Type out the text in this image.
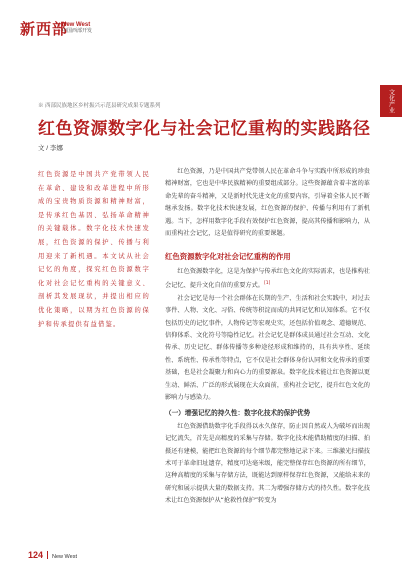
新西部
New West
中国西部开发
文化产业
※ 西部民族地区乡村振兴示范县研究成果专题系列
红色资源数字化与社会记忆重构的实践路径
文 / 李娜
红色资源是中国共产党带领人民在革命、建设和改革进程中所形成的宝贵物质资源和精神财富，是传承红色基因、弘扬革命精神的关键载体。数字化技术快速发展，红色资源的保护、传播与利用迎来了新机遇。本文试从社会记忆的角度，探究红色资源数字化对社会记忆重构的关键意义、剖析其发展现状，并提出相应的优化策略，以期为红色资源的保护和传承提供有益借鉴。

红色资源，乃是中国共产党带领人民在革命斗争与实践中所形成的珍贵精神财富，它也是中华民族精神的重要组成部分。这些资源蕴含着丰富的革命先辈的奋斗精神，又是新时代先进文化的重要内容，引导着全体人民不断继承发扬。数字化技术快速发展，红色资源的保护、传播与利用有了新机遇。当下，怎样用数字化手段有效保护红色资源，提高其传播和影响力，从而重构社会记忆，这是值得研究的重要课题。

红色资源数字化对社会记忆重构的作用

红色资源数字化，这是为保护与传承红色文化的实际需求，也是推构社会记忆、提升文化自信的重要方式。[1]

社会记忆是每一个社会群体在长期的生产、生活和社会实践中，对过去事件、人物、文化、习俗、传统等积淀而成的共同记忆和认知体系。它不仅包括历史的记忆事件，人物传记等宏观史实，还包括价值观念、道德规范、信仰体系、文化符号等隐性记忆。社会记忆是群体成员通过社会互动、文化传承、历史记忆、群体传播等多种途径形成和维持的，具有共享性、延续性、系统性、传承性等特点，它不仅是社会群体身份认同和文化传承的重要基础，也是社会凝聚力和向心力的重要源泉。数字化技术能让红色资源以更生动、鲜活、广泛的形式展现在大众面前，重构社会记忆，提升红色文化的影响力与感染力。

（一）增强记忆的持久性：数字化技术的保护优势

红色资源借助数字化手段得以永久保存，防止因自然或人为破坏而出现记忆流失，首先是高精度的采集与存储。数字化技术能借助精度的扫描、拍摄还有建模，能把红色资源的每个细节都完整地记录下来。三维激光扫描技术可于革命旧址遗存，精度可达毫米级，能完整保存红色资源的所有细节，这种高精度的采集与存储方法，既能达到原样保存红色资源，又能给未来的研究和展示提供大量的数据支持。其二为增强存储方式的持久性。数字化技术让红色资源保护从“抢救性保护”转变为

124 New West
